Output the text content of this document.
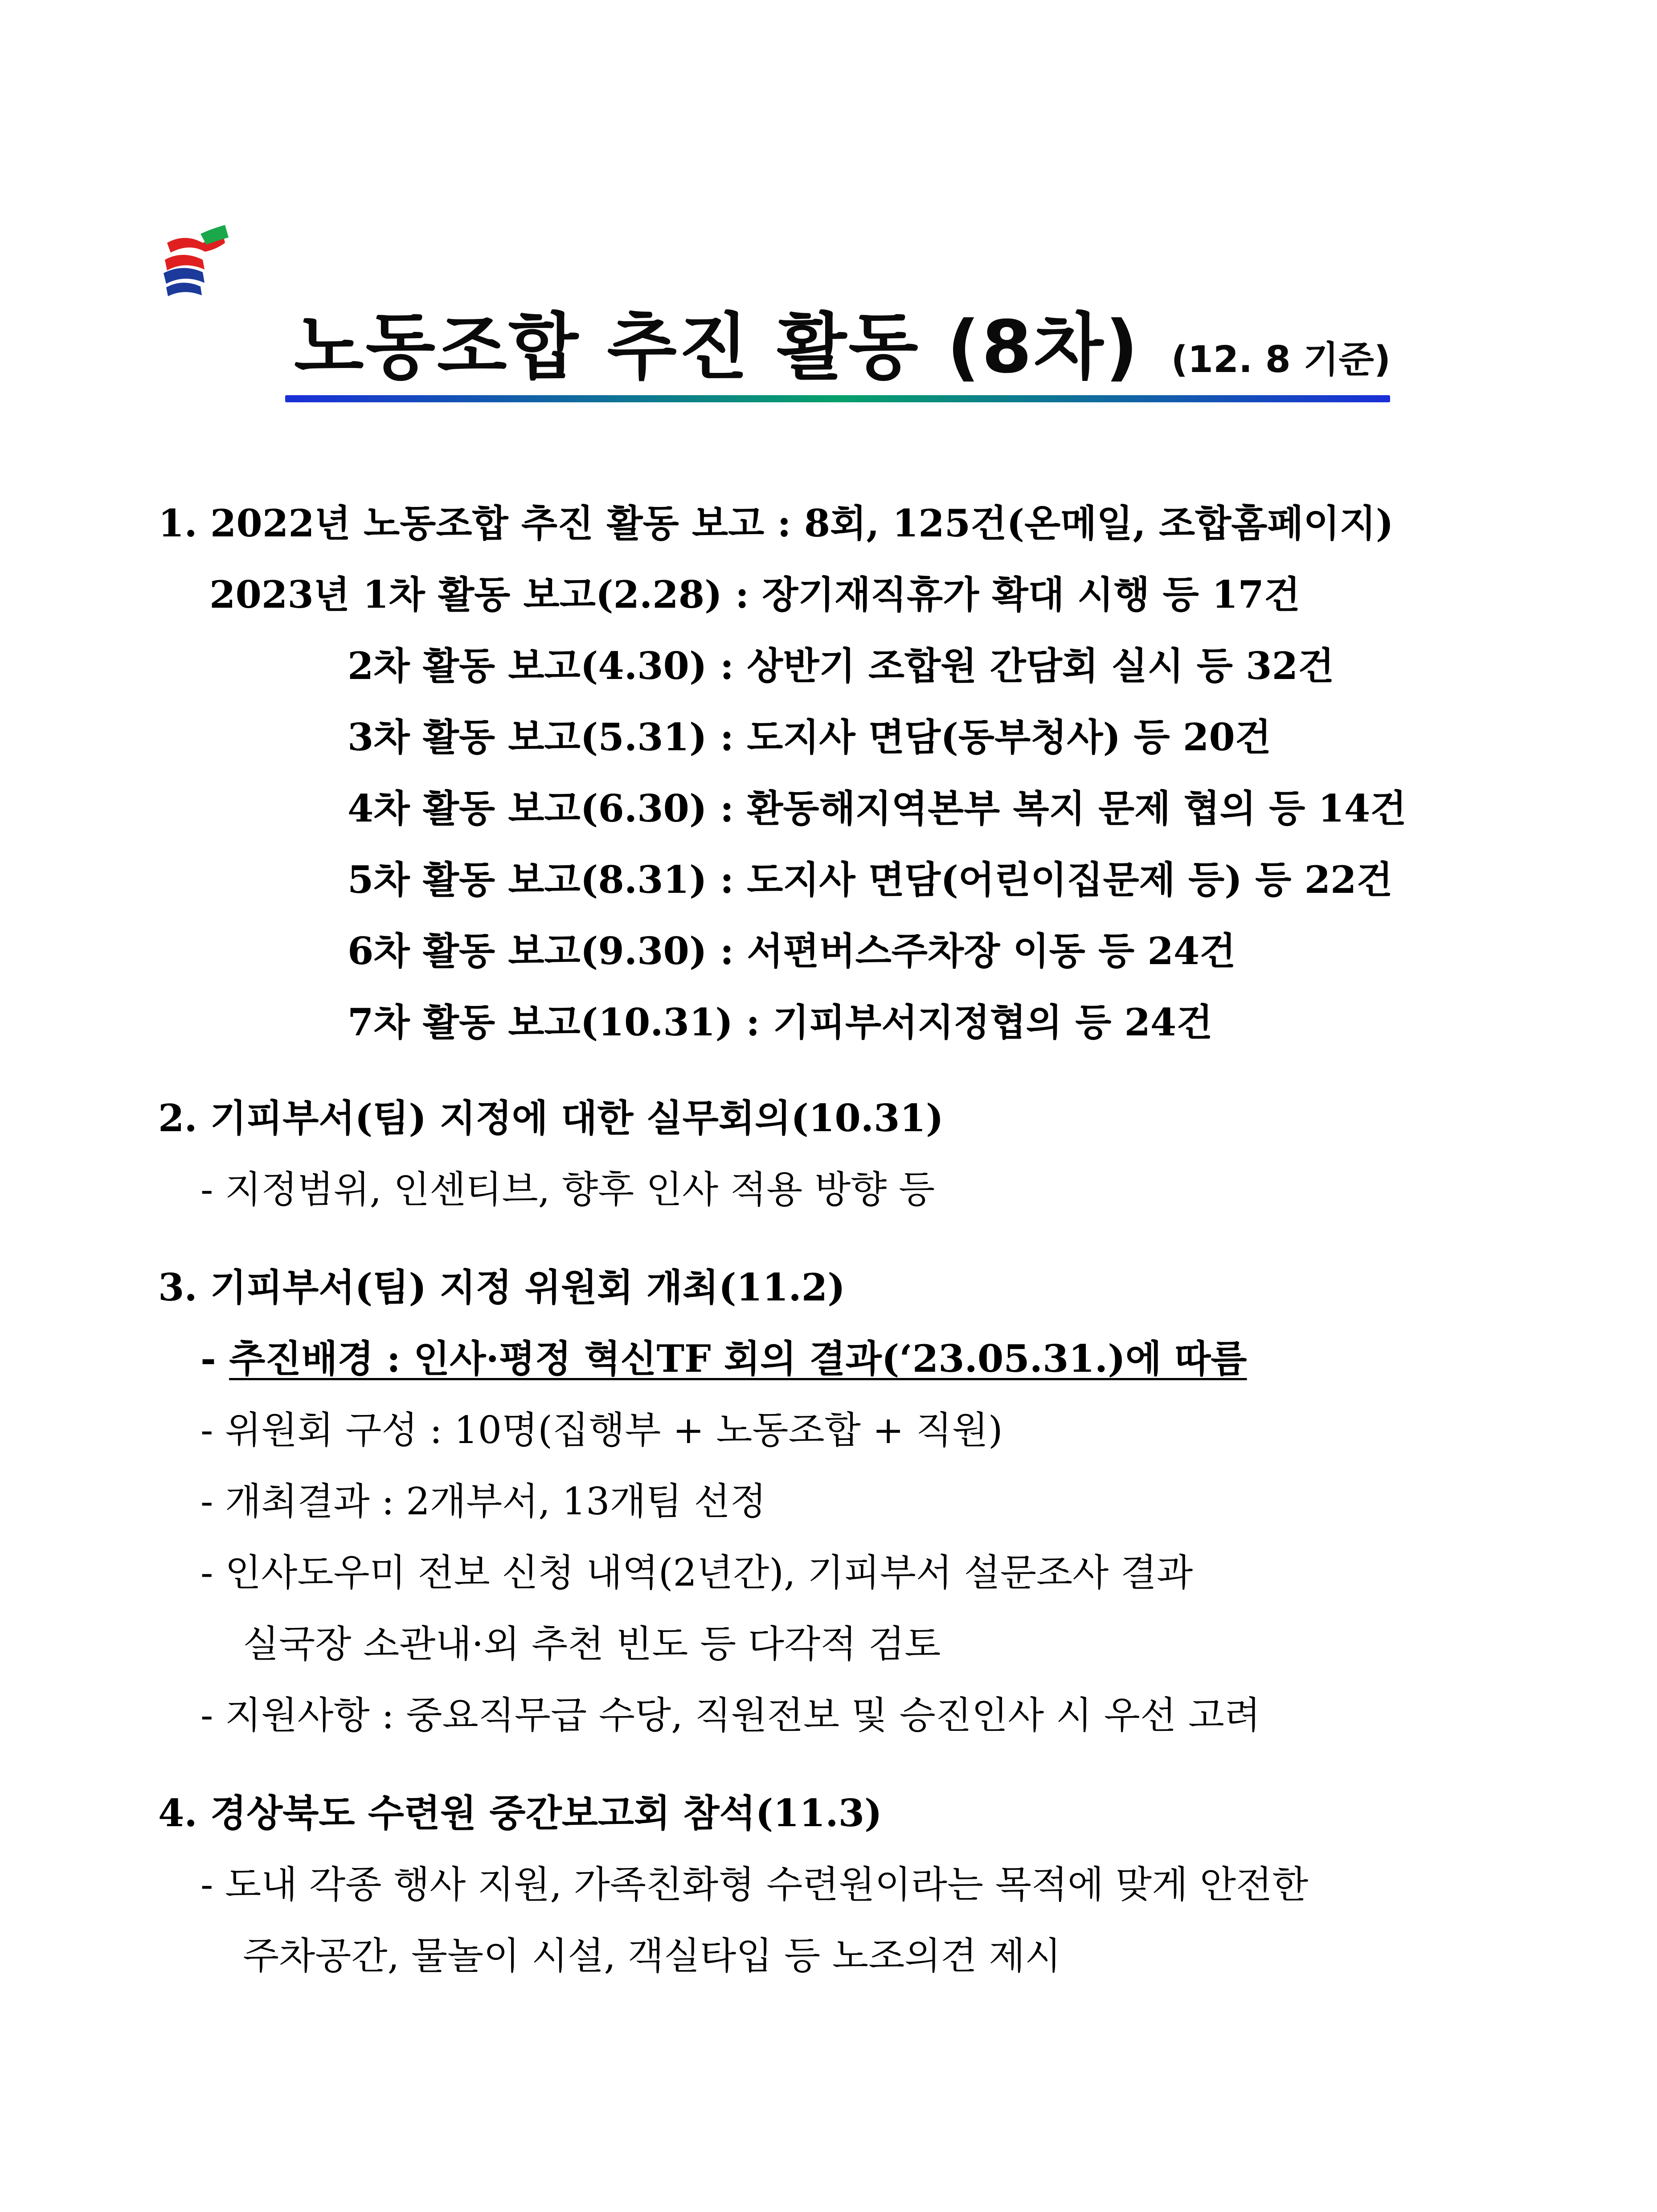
노동조합 추진 활동 (8차) (12. 8 기준)
1. 2022년 노동조합 추진 활동 보고 : 8회, 125건(온메일, 조합홈페이지)
2023년 1차 활동 보고(2.28) : 장기재직휴가 확대 시행 등 17건
2차 활동 보고(4.30) : 상반기 조합원 간담회 실시 등 32건
3차 활동 보고(5.31) : 도지사 면담(동부청사) 등 20건
4차 활동 보고(6.30) : 환동해지역본부 복지 문제 협의 등 14건
5차 활동 보고(8.31) : 도지사 면담(어린이집문제 등) 등 22건
6차 활동 보고(9.30) : 서편버스주차장 이동 등 24건
7차 활동 보고(10.31) : 기피부서지정협의 등 24건
2. 기피부서(팀) 지정에 대한 실무회의(10.31)
- 지정범위, 인센티브, 향후 인사 적용 방향 등
3. 기피부서(팀) 지정 위원회 개최(11.2)
- 추진배경 : 인사·평정 혁신TF 회의 결과(‘23.05.31.)에 따름
- 위원회 구성 : 10명(집행부 + 노동조합 + 직원)
- 개최결과 : 2개부서, 13개팀 선정
- 인사도우미 전보 신청 내역(2년간), 기피부서 설문조사 결과
실국장 소관내·외 추천 빈도 등 다각적 검토
- 지원사항 : 중요직무급 수당, 직원전보 및 승진인사 시 우선 고려
4. 경상북도 수련원 중간보고회 참석(11.3)
- 도내 각종 행사 지원, 가족친화형 수련원이라는 목적에 맞게 안전한
주차공간, 물놀이 시설, 객실타입 등 노조의견 제시
